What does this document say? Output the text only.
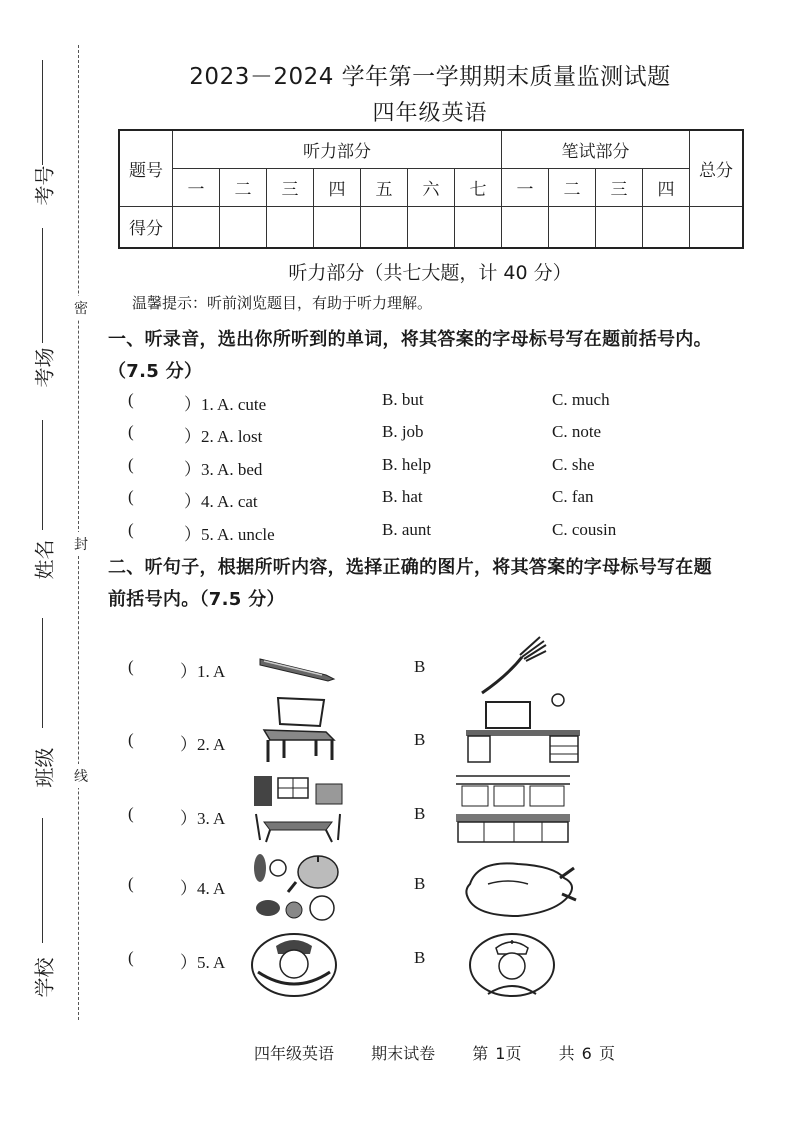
密
封
线
考号
考场
姓名
班级
学校
2023－2024 学年第一学期期末质量监测试题
四年级英语
题号	听力部分							笔试部分				总分
	一	二	三	四	五	六	七	一	二	三	四	
得分												
听力部分（共七大题，计 40 分）
温馨提示：听前浏览题目，有助于听力理解。
一、听录音，选出你所听到的单词，将其答案的字母标号写在题前括号内。
（7.5 分）
(	）1. A. cute	B. but	C. much
(	）2. A. lost	B. job	C. note
(	）3. A. bed	B. help	C. she
(	）4. A. cat	B. hat	C. fan
(	）5. A. uncle	B. aunt	C. cousin
二、听句子，根据所听内容，选择正确的图片，将其答案的字母标号写在题
前括号内。（7.5 分）
(	）1. A	B
(	）2. A	B
(	）3. A	B
(	）4. A	B
(	）5. A	B
四年级英语 期末试卷 第 1页 共 6 页
